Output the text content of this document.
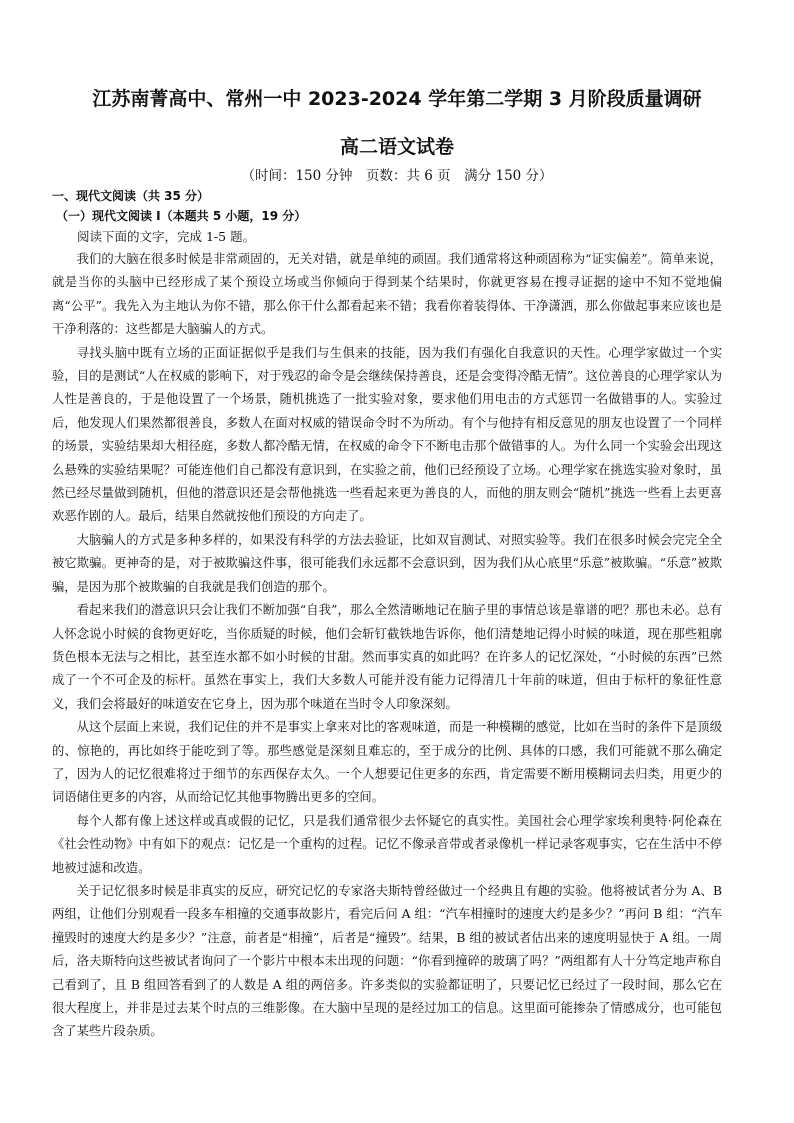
江苏南菁高中、常州一中 2023-2024 学年第二学期 3 月阶段质量调研
高二语文试卷

（时间：150 分钟　页数：共 6 页　满分 150 分）

一、现代文阅读（共 35 分）

（一）现代文阅读 I（本题共 5 小题，19 分）

阅读下面的文字，完成 1-5 题。

我们的大脑在很多时候是非常顽固的，无关对错，就是单纯的顽固。我们通常将这种顽固称为“证实偏差”。简单来说，就是当你的头脑中已经形成了某个预设立场或当你倾向于得到某个结果时，你就更容易在搜寻证据的途中不知不觉地偏离“公平”。我先入为主地认为你不错，那么你干什么都看起来不错；我看你着装得体、干净潇洒，那么你做起事来应该也是干净利落的：这些都是大脑骗人的方式。

寻找头脑中既有立场的正面证据似乎是我们与生俱来的技能，因为我们有强化自我意识的天性。心理学家做过一个实验，目的是测试“人在权威的影响下，对于残忍的命令是会继续保持善良，还是会变得冷酷无情”。这位善良的心理学家认为人性是善良的，于是他设置了一个场景，随机挑选了一批实验对象，要求他们用电击的方式惩罚一名做错事的人。实验过后，他发现人们果然都很善良，多数人在面对权威的错误命令时不为所动。有个与他持有相反意见的朋友也设置了一个同样的场景，实验结果却大相径庭，多数人都冷酷无情，在权威的命令下不断电击那个做错事的人。为什么同一个实验会出现这么悬殊的实验结果呢？可能连他们自己都没有意识到，在实验之前，他们已经预设了立场。心理学家在挑选实验对象时，虽然已经尽量做到随机，但他的潜意识还是会帮他挑选一些看起来更为善良的人，而他的朋友则会“随机”挑选一些看上去更喜欢恶作剧的人。最后，结果自然就按他们预设的方向走了。

大脑骗人的方式是多种多样的，如果没有科学的方法去验证，比如双盲测试、对照实验等。我们在很多时候会完完全全被它欺骗。更神奇的是，对于被欺骗这件事，很可能我们永远都不会意识到，因为我们从心底里“乐意”被欺骗。“乐意”被欺骗，是因为那个被欺骗的自我就是我们创造的那个。

看起来我们的潜意识只会让我们不断加强“自我”，那么全然清晰地记在脑子里的事情总该是靠谱的吧？那也未必。总有人怀念说小时候的食物更好吃，当你质疑的时候，他们会斩钉截铁地告诉你，他们清楚地记得小时候的味道，现在那些粗廓货色根本无法与之相比，甚至连水都不如小时候的甘甜。然而事实真的如此吗？在许多人的记忆深处，“小时候的东西”已然成了一个不可企及的标杆。虽然在事实上，我们大多数人可能并没有能力记得清几十年前的味道，但由于标杆的象征性意义，我们会将最好的味道安在它身上，因为那个味道在当时令人印象深刻。

从这个层面上来说，我们记住的并不是事实上拿来对比的客观味道，而是一种模糊的感觉，比如在当时的条件下是顶级的、惊艳的，再比如终于能吃到了等。那些感觉是深刻且难忘的，至于成分的比例、具体的口感，我们可能就不那么确定了，因为人的记忆很难将过于细节的东西保存太久。一个人想要记住更多的东西，肯定需要不断用模糊词去归类，用更少的词语储住更多的内容，从而给记忆其他事物腾出更多的空间。

每个人都有像上述这样或真或假的记忆，只是我们通常很少去怀疑它的真实性。美国社会心理学家埃利奥特·阿伦森在《社会性动物》中有如下的观点：记忆是一个重构的过程。记忆不像录音带或者录像机一样记录客观事实，它在生活中不停地被过滤和改造。

关于记忆很多时候是非真实的反应，研究记忆的专家洛夫斯特曾经做过一个经典且有趣的实验。他将被试者分为 A、B 两组，让他们分别观看一段多车相撞的交通事故影片，看完后问 A 组：“汽车相撞时的速度大约是多少？”再问 B 组：“汽车撞毁时的速度大约是多少？”注意，前者是“相撞”，后者是“撞毁”。结果，B 组的被试者估出来的速度明显快于 A 组。一周后，洛夫斯特向这些被试者询问了一个影片中根本未出现的问题：“你看到撞碎的玻璃了吗？”两组都有人十分笃定地声称自己看到了，且 B 组回答看到了的人数是 A 组的两倍多。许多类似的实验都证明了，只要记忆已经过了一段时间，那么它在很大程度上，并非是过去某个时点的三维影像。在大脑中呈现的是经过加工的信息。这里面可能掺杂了情感成分，也可能包含了某些片段杂质。
